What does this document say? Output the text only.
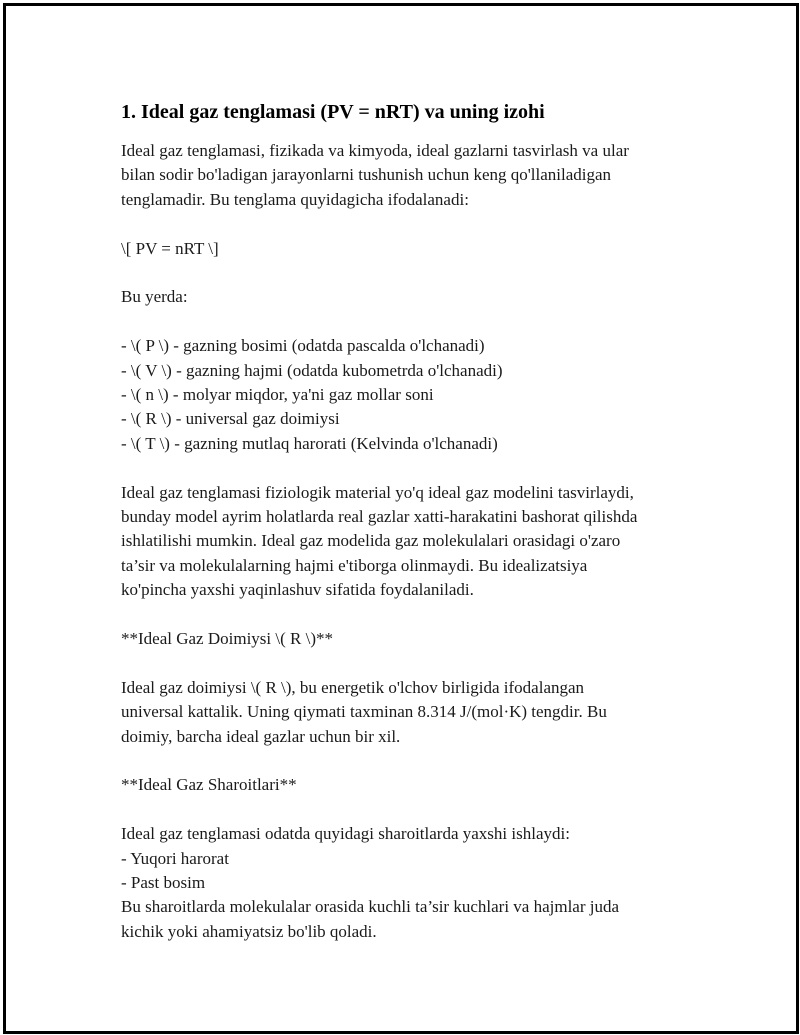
1. Ideal gaz tenglamasi (PV = nRT) va uning izohi
Ideal gaz tenglamasi, fizikada va kimyoda, ideal gazlarni tasvirlash va ular
bilan sodir bo'ladigan jarayonlarni tushunish uchun keng qo'llaniladigan
tenglamadir. Bu tenglama quyidagicha ifodalanadi:
\[ PV = nRT \]
Bu yerda:
- \( P \) - gazning bosimi (odatda pascalda o'lchanadi)
- \( V \) - gazning hajmi (odatda kubometrda o'lchanadi)
- \( n \) - molyar miqdor, ya'ni gaz mollar soni
- \( R \) - universal gaz doimiysi
- \( T \) - gazning mutlaq harorati (Kelvinda o'lchanadi)
Ideal gaz tenglamasi fiziologik material yo'q ideal gaz modelini tasvirlaydi,
bunday model ayrim holatlarda real gazlar xatti-harakatini bashorat qilishda
ishlatilishi mumkin. Ideal gaz modelida gaz molekulalari orasidagi o'zaro
ta’sir va molekulalarning hajmi e'tiborga olinmaydi. Bu idealizatsiya
ko'pincha yaxshi yaqinlashuv sifatida foydalaniladi.
**Ideal Gaz Doimiysi \( R \)**
Ideal gaz doimiysi \( R \), bu energetik o'lchov birligida ifodalangan
universal kattalik. Uning qiymati taxminan 8.314 J/(mol·K) tengdir. Bu
doimiy, barcha ideal gazlar uchun bir xil.
**Ideal Gaz Sharoitlari**
Ideal gaz tenglamasi odatda quyidagi sharoitlarda yaxshi ishlaydi:
- Yuqori harorat
- Past bosim
Bu sharoitlarda molekulalar orasida kuchli ta’sir kuchlari va hajmlar juda
kichik yoki ahamiyatsiz bo'lib qoladi.
